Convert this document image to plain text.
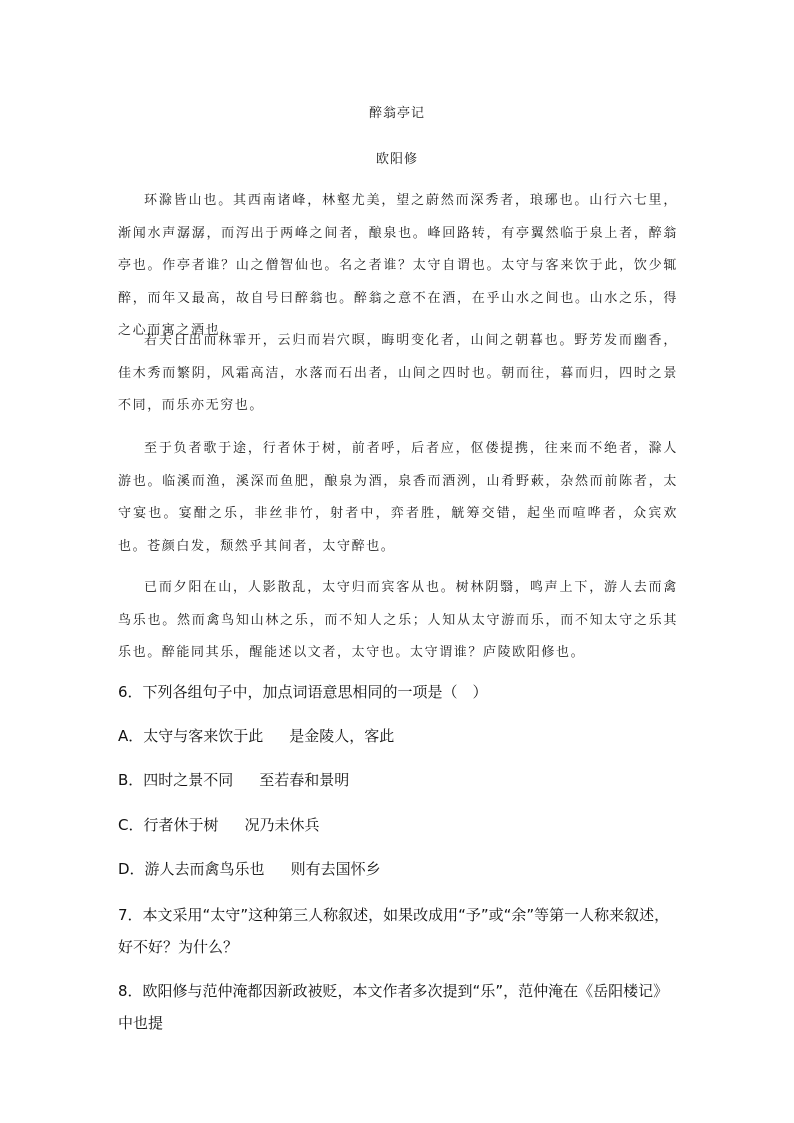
醉翁亭记
欧阳修
环滁皆山也。其西南诸峰，林壑尤美，望之蔚然而深秀者，琅琊也。山行六七里，渐闻水声潺潺，而泻出于两峰之间者，酿泉也。峰回路转，有亭翼然临于泉上者，醉翁亭也。作亭者谁？山之僧智仙也。名之者谁？太守自谓也。太守与客来饮于此，饮少辄醉，而年又最高，故自号曰醉翁也。醉翁之意不在酒，在乎山水之间也。山水之乐，得之心而寓之酒也。
若夫日出而林霏开，云归而岩穴暝，晦明变化者，山间之朝暮也。野芳发而幽香，佳木秀而繁阴，风霜高洁，水落而石出者，山间之四时也。朝而往，暮而归，四时之景不同，而乐亦无穷也。
至于负者歌于途，行者休于树，前者呼，后者应，伛偻提携，往来而不绝者，滁人游也。临溪而渔，溪深而鱼肥，酿泉为酒，泉香而酒洌，山肴野蔌，杂然而前陈者，太守宴也。宴酣之乐，非丝非竹，射者中，弈者胜，觥筹交错，起坐而喧哗者，众宾欢也。苍颜白发，颓然乎其间者，太守醉也。
已而夕阳在山，人影散乱，太守归而宾客从也。树林阴翳，鸣声上下，游人去而禽鸟乐也。然而禽鸟知山林之乐，而不知人之乐；人知从太守游而乐，而不知太守之乐其乐也。醉能同其乐，醒能述以文者，太守也。太守谓谁？庐陵欧阳修也。
6．下列各组句子中，加点词语意思相同的一项是（　）
A．太守与客来饮于此 是金陵人，客此
B．四时之景不同 至若春和景明
C．行者休于树 况乃未休兵
D．游人去而禽鸟乐也 则有去国怀乡
7．本文采用“太守”这种第三人称叙述，如果改成用“予”或“余”等第一人称来叙述，好不好？为什么？
8．欧阳修与范仲淹都因新政被贬，本文作者多次提到“乐”，范仲淹在《岳阳楼记》中也提
